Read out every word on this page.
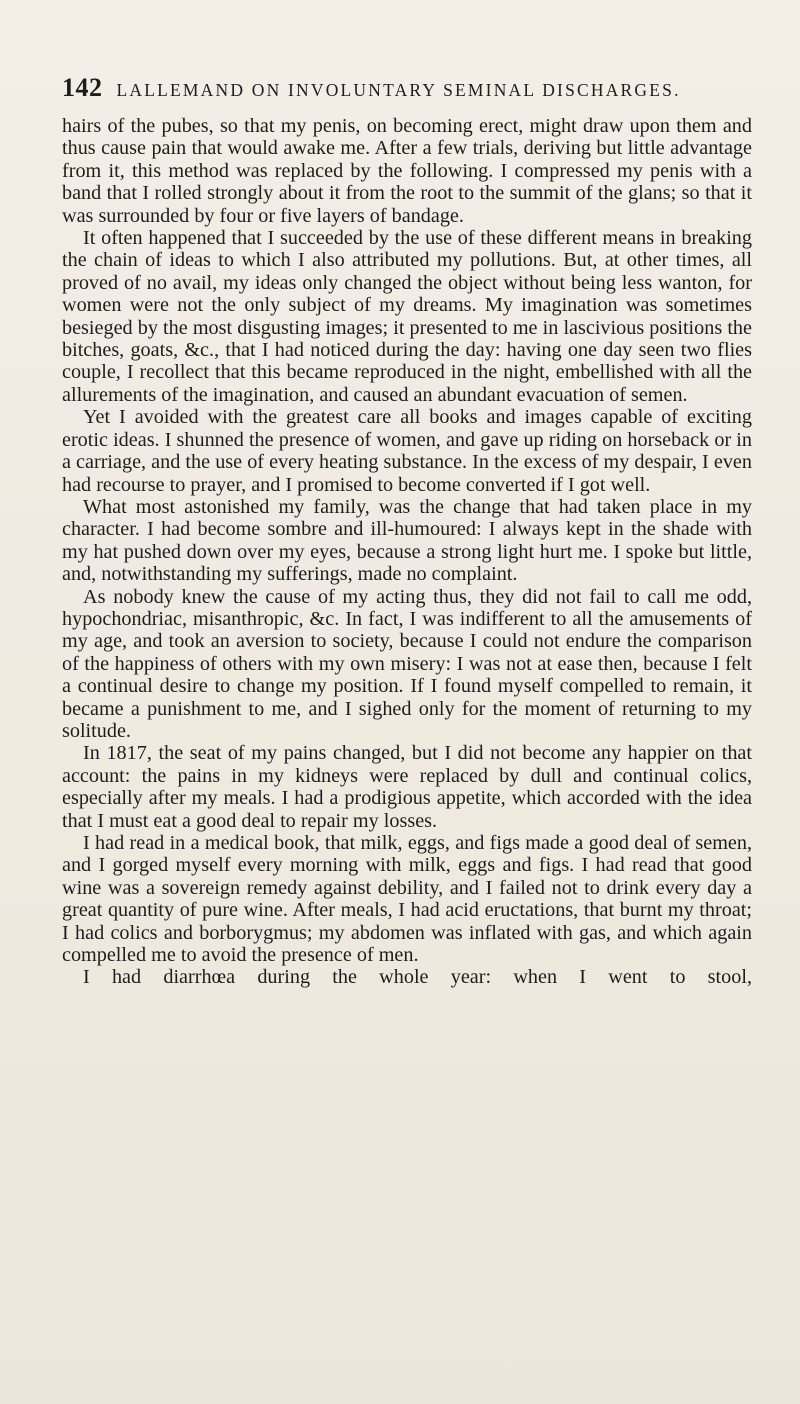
142 LALLEMAND ON INVOLUNTARY SEMINAL DISCHARGES.

hairs of the pubes, so that my penis, on becoming erect, might draw upon them and thus cause pain that would awake me. After a few trials, deriving but little advantage from it, this method was replaced by the following. I compressed my penis with a band that I rolled strongly about it from the root to the summit of the glans; so that it was surrounded by four or five layers of bandage.

It often happened that I succeeded by the use of these different means in breaking the chain of ideas to which I also attributed my pollutions. But, at other times, all proved of no avail, my ideas only changed the object without being less wanton, for women were not the only subject of my dreams. My imagination was sometimes besieged by the most disgusting images; it presented to me in lascivious positions the bitches, goats, &c., that I had noticed during the day: having one day seen two flies couple, I recollect that this became reproduced in the night, embellished with all the allurements of the imagination, and caused an abundant evacuation of semen.

Yet I avoided with the greatest care all books and images capable of exciting erotic ideas. I shunned the presence of women, and gave up riding on horseback or in a carriage, and the use of every heating substance. In the excess of my despair, I even had recourse to prayer, and I promised to become converted if I got well.

What most astonished my family, was the change that had taken place in my character. I had become sombre and ill-humoured: I always kept in the shade with my hat pushed down over my eyes, because a strong light hurt me. I spoke but little, and, notwithstanding my sufferings, made no complaint.

As nobody knew the cause of my acting thus, they did not fail to call me odd, hypochondriac, misanthropic, &c. In fact, I was indifferent to all the amusements of my age, and took an aversion to society, because I could not endure the comparison of the happiness of others with my own misery: I was not at ease then, because I felt a continual desire to change my position. If I found myself compelled to remain, it became a punishment to me, and I sighed only for the moment of returning to my solitude.

In 1817, the seat of my pains changed, but I did not become any happier on that account: the pains in my kidneys were replaced by dull and continual colics, especially after my meals. I had a prodigious appetite, which accorded with the idea that I must eat a good deal to repair my losses.

I had read in a medical book, that milk, eggs, and figs made a good deal of semen, and I gorged myself every morning with milk, eggs and figs. I had read that good wine was a sovereign remedy against debility, and I failed not to drink every day a great quantity of pure wine. After meals, I had acid eructations, that burnt my throat; I had colics and borborygmus; my abdomen was inflated with gas, and which again compelled me to avoid the presence of men.

I had diarrhœa during the whole year: when I went to stool,
